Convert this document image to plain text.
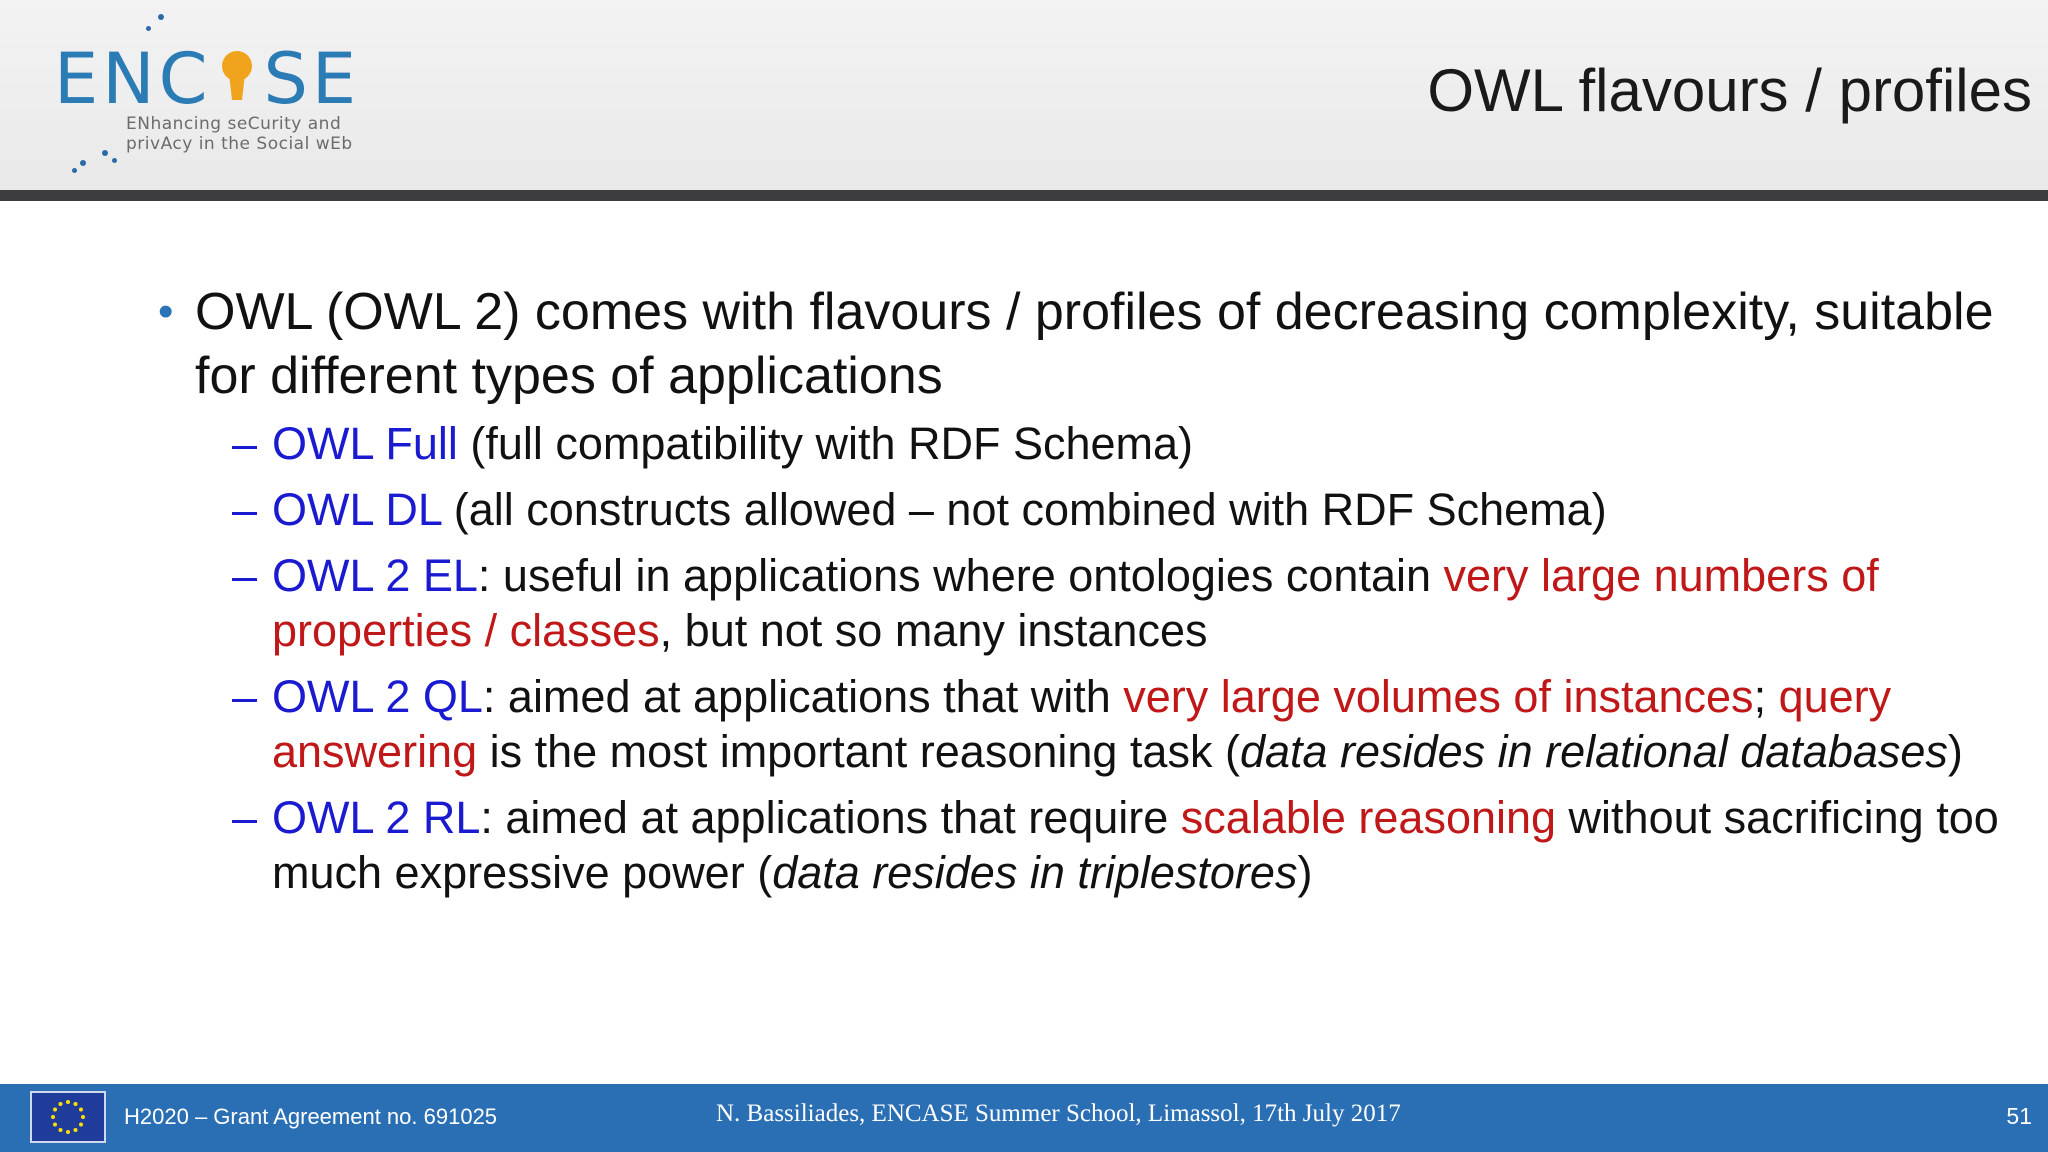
ENC SE
ENhancing seCurity and
privAcy in the Social wEb
OWL flavours / profiles
• OWL (OWL 2) comes with flavours / profiles of decreasing complexity, suitable for different types of applications
– OWL Full (full compatibility with RDF Schema)
– OWL DL (all constructs allowed – not combined with RDF Schema)
– OWL 2 EL: useful in applications where ontologies contain very large numbers of properties / classes, but not so many instances
– OWL 2 QL: aimed at applications that with very large volumes of instances; query answering is the most important reasoning task (data resides in relational databases)
– OWL 2 RL: aimed at applications that require scalable reasoning without sacrificing too much expressive power (data resides in triplestores)
H2020 – Grant Agreement no. 691025	N. Bassiliades, ENCASE Summer School, Limassol, 17th July 2017	51
